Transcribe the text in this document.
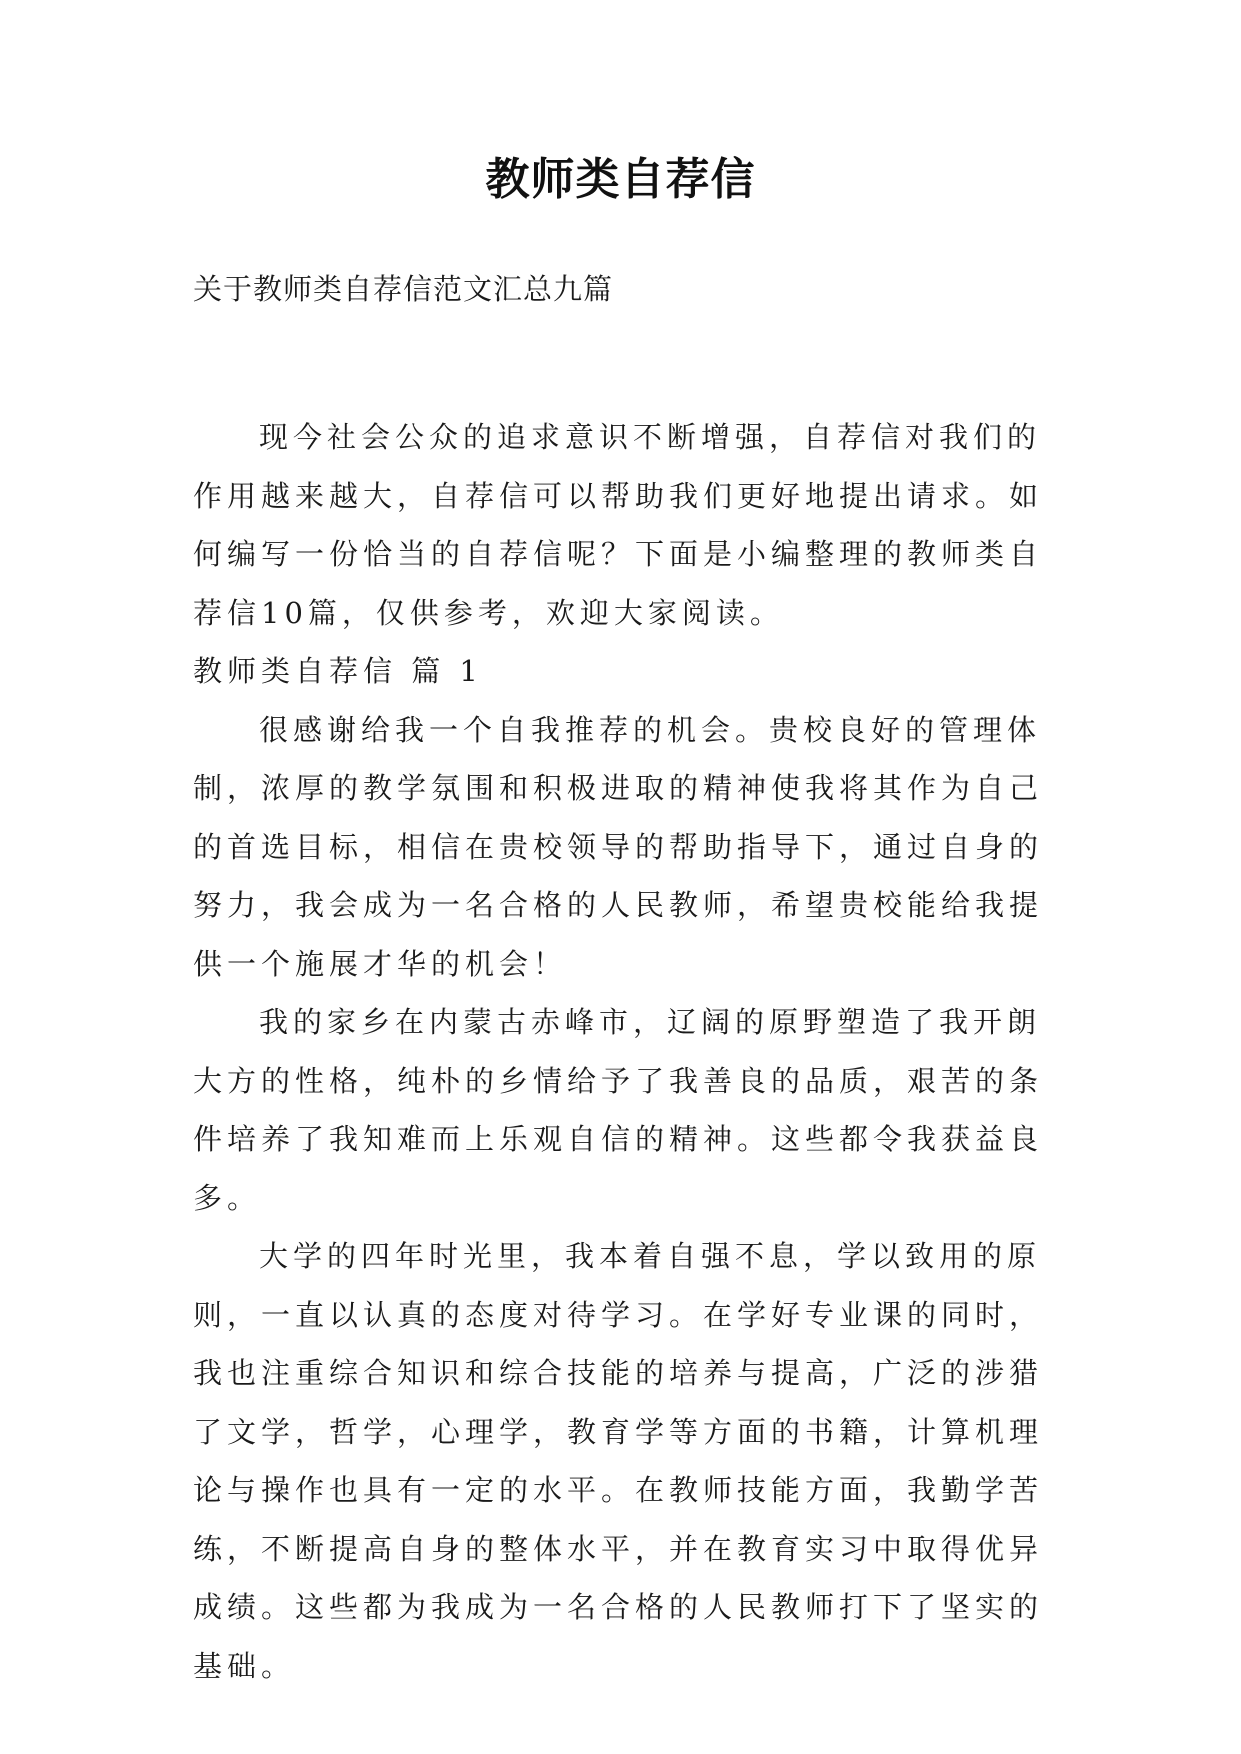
教师类自荐信
关于教师类自荐信范文汇总九篇

现今社会公众的追求意识不断增强，自荐信对我们的作用越来越大，自荐信可以帮助我们更好地提出请求。如何编写一份恰当的自荐信呢？下面是小编整理的教师类自荐信10篇，仅供参考，欢迎大家阅读。

教师类自荐信 篇 1

很感谢给我一个自我推荐的机会。贵校良好的管理体制，浓厚的教学氛围和积极进取的精神使我将其作为自己的首选目标，相信在贵校领导的帮助指导下，通过自身的努力，我会成为一名合格的人民教师，希望贵校能给我提供一个施展才华的机会！

我的家乡在内蒙古赤峰市，辽阔的原野塑造了我开朗大方的性格，纯朴的乡情给予了我善良的品质，艰苦的条件培养了我知难而上乐观自信的精神。这些都令我获益良多。

大学的四年时光里，我本着自强不息，学以致用的原则，一直以认真的态度对待学习。在学好专业课的同时，我也注重综合知识和综合技能的培养与提高，广泛的涉猎了文学，哲学，心理学，教育学等方面的书籍，计算机理论与操作也具有一定的水平。在教师技能方面，我勤学苦练，不断提高自身的整体水平，并在教育实习中取得优异成绩。这些都为我成为一名合格的人民教师打下了坚实的基础。
